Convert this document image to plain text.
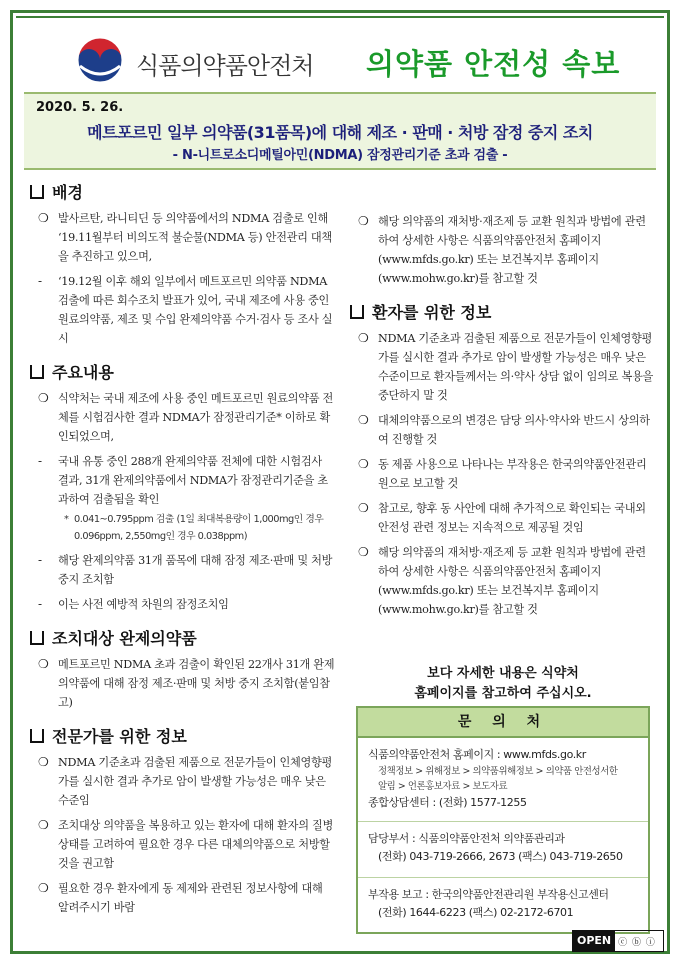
식품의약품안전처 의약품 안전성 속보
2020. 5. 26.
메트포르민 일부 의약품(31품목)에 대해 제조 · 판매 · 처방 잠정 중지 조치
- N-니트로소디메틸아민(NDMA) 잠정관리기준 초과 검출 -
배경
❍ 발사르탄, 라니티딘 등 의약품에서의 NDMA 검출로 인해 ‘19.11월부터 비의도적 불순물(NDMA 등) 안전관리 대책을 추진하고 있으며,
- ‘19.12월 이후 해외 일부에서 메트포르민 의약품 NDMA 검출에 따른 회수조치 발표가 있어, 국내 제조에 사용 중인 원료의약품, 제조 및 수입 완제의약품 수거·검사 등 조사 실시
주요내용
❍ 식약처는 국내 제조에 사용 중인 메트포르민 원료의약품 전체를 시험검사한 결과 NDMA가 잠정관리기준* 이하로 확인되었으며,
- 국내 유통 중인 288개 완제의약품 전체에 대한 시험검사 결과, 31개 완제의약품에서 NDMA가 잠정관리기준을 초과하여 검출됨을 확인
* 0.041~0.795ppm 검출 (1일 최대복용량이 1,000mg인 경우 0.096ppm, 2,550mg인 경우 0.038ppm)
- 해당 완제의약품 31개 품목에 대해 잠정 제조·판매 및 처방 중지 조치함
- 이는 사전 예방적 차원의 잠정조치임
조치대상 완제의약품
❍ 메트포르민 NDMA 초과 검출이 확인된 22개사 31개 완제의약품에 대해 잠정 제조·판매 및 처방 중지 조치함(붙임참고)
전문가를 위한 정보
❍ NDMA 기준초과 검출된 제품으로 전문가들이 인체영향평가를 실시한 결과 추가로 암이 발생할 가능성은 매우 낮은 수준임
❍ 조치대상 의약품을 복용하고 있는 환자에 대해 환자의 질병 상태를 고려하여 필요한 경우 다른 대체의약품으로 처방할 것을 권고함
❍ 필요한 경우 환자에게 동 제제와 관련된 정보사항에 대해 알려주시기 바람
❍ 해당 의약품의 재처방·재조제 등 교환 원칙과 방법에 관련하여 상세한 사항은 식품의약품안전처 홈페이지(www.mfds.go.kr) 또는 보건복지부 홈페이지(www.mohw.go.kr)를 참고할 것
환자를 위한 정보
❍ NDMA 기준초과 검출된 제품으로 전문가들이 인체영향평가를 실시한 결과 추가로 암이 발생할 가능성은 매우 낮은 수준이므로 환자들께서는 의·약사 상담 없이 임의로 복용을 중단하지 말 것
❍ 대체의약품으로의 변경은 담당 의사·약사와 반드시 상의하여 진행할 것
❍ 동 제품 사용으로 나타나는 부작용은 한국의약품안전관리원으로 보고할 것
❍ 참고로, 향후 동 사안에 대해 추가적으로 확인되는 국내외 안전성 관련 정보는 지속적으로 제공될 것임
❍ 해당 의약품의 재처방·재조제 등 교환 원칙과 방법에 관련하여 상세한 사항은 식품의약품안전처 홈페이지(www.mfds.go.kr) 또는 보건복지부 홈페이지(www.mohw.go.kr)를 참고할 것
보다 자세한 내용은 식약처
홈페이지를 참고하여 주십시오.
문 의 처
식품의약품안전처 홈페이지 : www.mfds.go.kr
정책정보 > 위해정보 > 의약품위해정보 > 의약품 안전성서한
알림 > 언론홍보자료 > 보도자료
종합상담센터 : (전화) 1577-1255
담당부서 : 식품의약품안전처 의약품관리과
(전화) 043-719-2666, 2673 (팩스) 043-719-2650
부작용 보고 : 한국의약품안전관리원 부작용신고센터
(전화) 1644-6223 (팩스) 02-2172-6701
OPEN ⓒ ⓑ ⓘ
